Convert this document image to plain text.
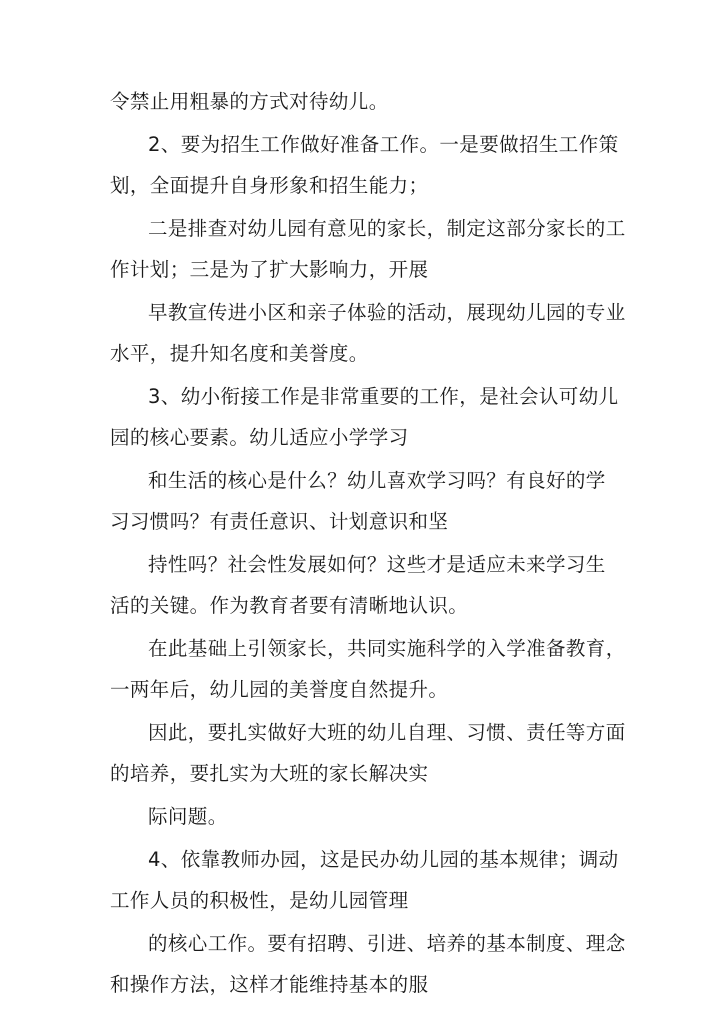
令禁止用粗暴的方式对待幼儿。
2、要为招生工作做好准备工作。一是要做招生工作策
划，全面提升自身形象和招生能力；
二是排查对幼儿园有意见的家长，制定这部分家长的工
作计划；三是为了扩大影响力，开展
早教宣传进小区和亲子体验的活动，展现幼儿园的专业
水平，提升知名度和美誉度。
3、幼小衔接工作是非常重要的工作，是社会认可幼儿
园的核心要素。幼儿适应小学学习
和生活的核心是什么？幼儿喜欢学习吗？有良好的学
习习惯吗？有责任意识、计划意识和坚
持性吗？社会性发展如何？这些才是适应未来学习生
活的关键。作为教育者要有清晰地认识。
在此基础上引领家长，共同实施科学的入学准备教育，
一两年后，幼儿园的美誉度自然提升。
因此，要扎实做好大班的幼儿自理、习惯、责任等方面
的培养，要扎实为大班的家长解决实
际问题。
4、依靠教师办园，这是民办幼儿园的基本规律；调动
工作人员的积极性，是幼儿园管理
的核心工作。要有招聘、引进、培养的基本制度、理念
和操作方法，这样才能维持基本的服
